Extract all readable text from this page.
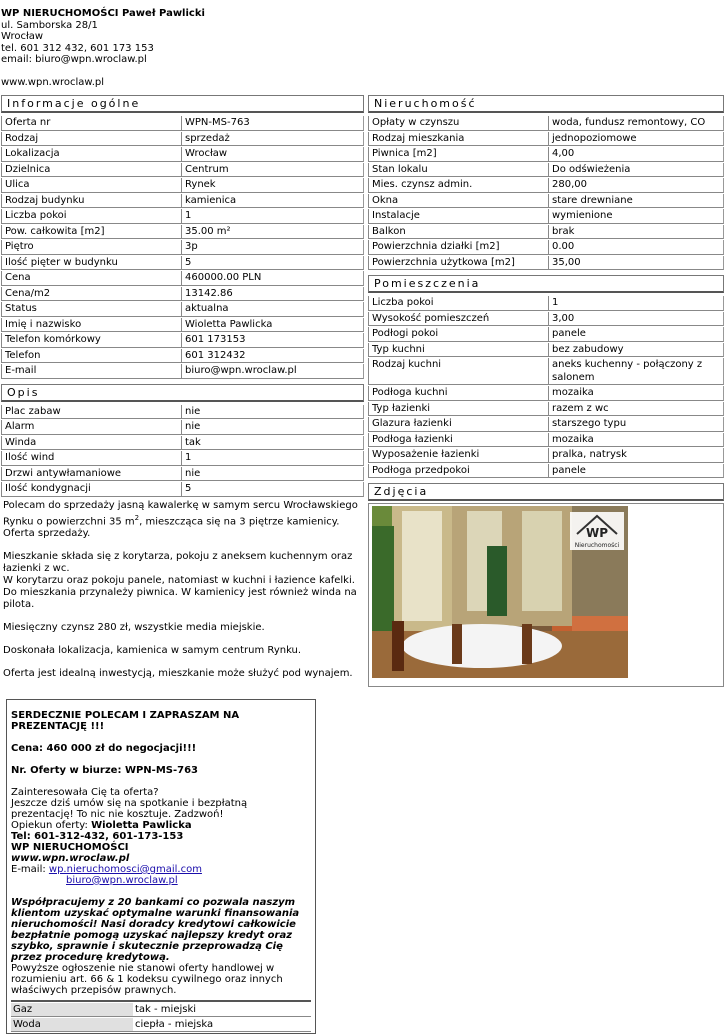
WP NIERUCHOMOŚCI Paweł Pawlicki
ul. Samborska 28/1
Wrocław
tel. 601 312 432, 601 173 153
email: biuro@wpn.wroclaw.pl
www.wpn.wroclaw.pl
Informacje ogólne
Oferta nr	WPN-MS-763
Rodzaj	sprzedaż
Lokalizacja	Wrocław
Dzielnica	Centrum
Ulica	Rynek
Rodzaj budynku	kamienica
Liczba pokoi	1
Pow. całkowita [m2]	35.00 m²
Piętro	3p
Ilość pięter w budynku	5
Cena	460000.00 PLN
Cena/m2	13142.86
Status	aktualna
Imię i nazwisko	Wioletta Pawlicka
Telefon komórkowy	601 173153
Telefon	601 312432
E-mail	biuro@wpn.wroclaw.pl
Opis
Plac zabaw	nie
Alarm	nie
Winda	tak
Ilość wind	1
Drzwi antywłamaniowe	nie
Ilość kondygnacji	5

Polecam do sprzedaży jasną kawalerkę w samym sercu Wrocławskiego Rynku o powierzchni 35 $m^2$, mieszcząca się na 3 piętrze kamienicy. Oferta sprzedaży.

Mieszkanie składa się z korytarza, pokoju z aneksem kuchennym oraz łazienki z wc.

W korytarzu oraz pokoju panele, natomiast w kuchni i łazience kafelki. Do mieszkania przynależy piwnica. W kamienicy jest również winda na pilota.

Miesięczny czynsz 280 zł, wszystkie media miejskie.

Doskonała lokalizacja, kamienica w samym centrum Rynku.

Oferta jest idealną inwestycją, mieszkanie może służyć pod wynajem.

SERDECZNIE POLECAM I ZAPRASZAM NA PREZENTACJĘ !!!

Cena: 460 000 zł do negocjacji!!!

Nr. Oferty w biurze: WPN-MS-763

Zainteresowała Cię ta oferta?
Jeszcze dziś umów się na spotkanie i bezpłatną prezentację! To nic nie kosztuje. Zadzwoń!
Opiekun oferty: Wioletta Pawlicka
Tel: 601-312-432, 601-173-153
WP NIERUCHOMOŚCI
www.wpn.wroclaw.pl
E-mail: wp.nieruchomosci@gmail.com
biuro@wpn.wroclaw.pl

Współpracujemy z 20 bankami co pozwala naszym klientom uzyskać optymalne warunki finansowania nieruchomości! Nasi doradcy kredytowi całkowicie bezpłatnie pomogą uzyskać najlepszy kredyt oraz szybko, sprawnie i skutecznie przeprowadzą Cię przez procedurę kredytową.

Powyższe ogłoszenie nie stanowi oferty handlowej w rozumieniu art. 66 & 1 kodeksu cywilnego oraz innych właściwych przepisów prawnych.
Gaz	tak - miejski
Woda	ciepła - miejska
Nieruchomość
Opłaty w czynszu	woda, fundusz remontowy, CO
Rodzaj mieszkania	jednopoziomowe
Piwnica [m2]	4,00
Stan lokalu	Do odświeżenia
Mies. czynsz admin.	280,00
Okna	stare drewniane
Instalacje	wymienione
Balkon	brak
Powierzchnia działki [m2]	0.00
Powierzchnia użytkowa [m2]	35,00
Pomieszczenia
Liczba pokoi	1
Wysokość pomieszczeń	3,00
Podłogi pokoi	panele
Typ kuchni	bez zabudowy
Rodzaj kuchni	aneks kuchenny - połączony z salonem
Podłoga kuchni	mozaika
Typ łazienki	razem z wc
Glazura łazienki	starszego typu
Podłoga łazienki	mozaika
Wyposażenie łazienki	pralka, natrysk
Podłoga przedpokoi	panele
Zdjęcia
WP
Nieruchomości
